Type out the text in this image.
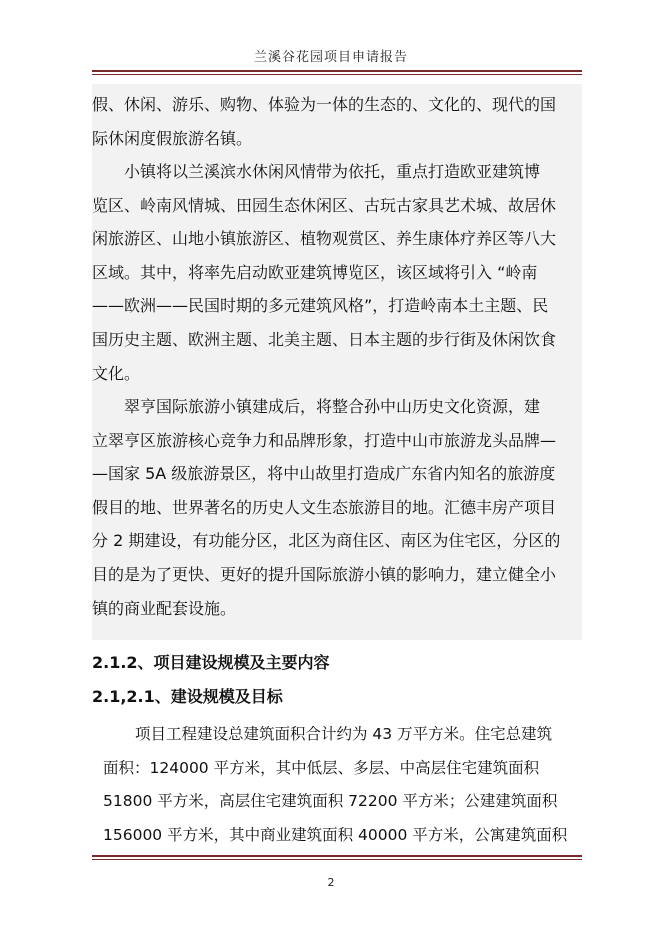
兰溪谷花园项目申请报告
假、休闲、游乐、购物、体验为一体的生态的、文化的、现代的国
际休闲度假旅游名镇。
小镇将以兰溪滨水休闲风情带为依托，重点打造欧亚建筑博
览区、岭南风情城、田园生态休闲区、古玩古家具艺术城、故居休
闲旅游区、山地小镇旅游区、植物观赏区、养生康体疗养区等八大
区域。其中，将率先启动欧亚建筑博览区，该区域将引入 “岭南
——欧洲——民国时期的多元建筑风格”，打造岭南本土主题、民
国历史主题、欧洲主题、北美主题、日本主题的步行街及休闲饮食
文化。
翠亨国际旅游小镇建成后，将整合孙中山历史文化资源，建
立翠亨区旅游核心竞争力和品牌形象，打造中山市旅游龙头品牌—
—国家 5A 级旅游景区，将中山故里打造成广东省内知名的旅游度
假目的地、世界著名的历史人文生态旅游目的地。汇德丰房产项目
分 2 期建设，有功能分区，北区为商住区、南区为住宅区，分区的
目的是为了更快、更好的提升国际旅游小镇的影响力，建立健全小
镇的商业配套设施。
2.1.2、项目建设规模及主要内容
2.1,2.1、建设规模及目标
项目工程建设总建筑面积合计约为 43 万平方米。住宅总建筑
面积：124000 平方米，其中低层、多层、中高层住宅建筑面积
51800 平方米，高层住宅建筑面积 72200 平方米；公建建筑面积
156000 平方米，其中商业建筑面积 40000 平方米，公寓建筑面积
2
